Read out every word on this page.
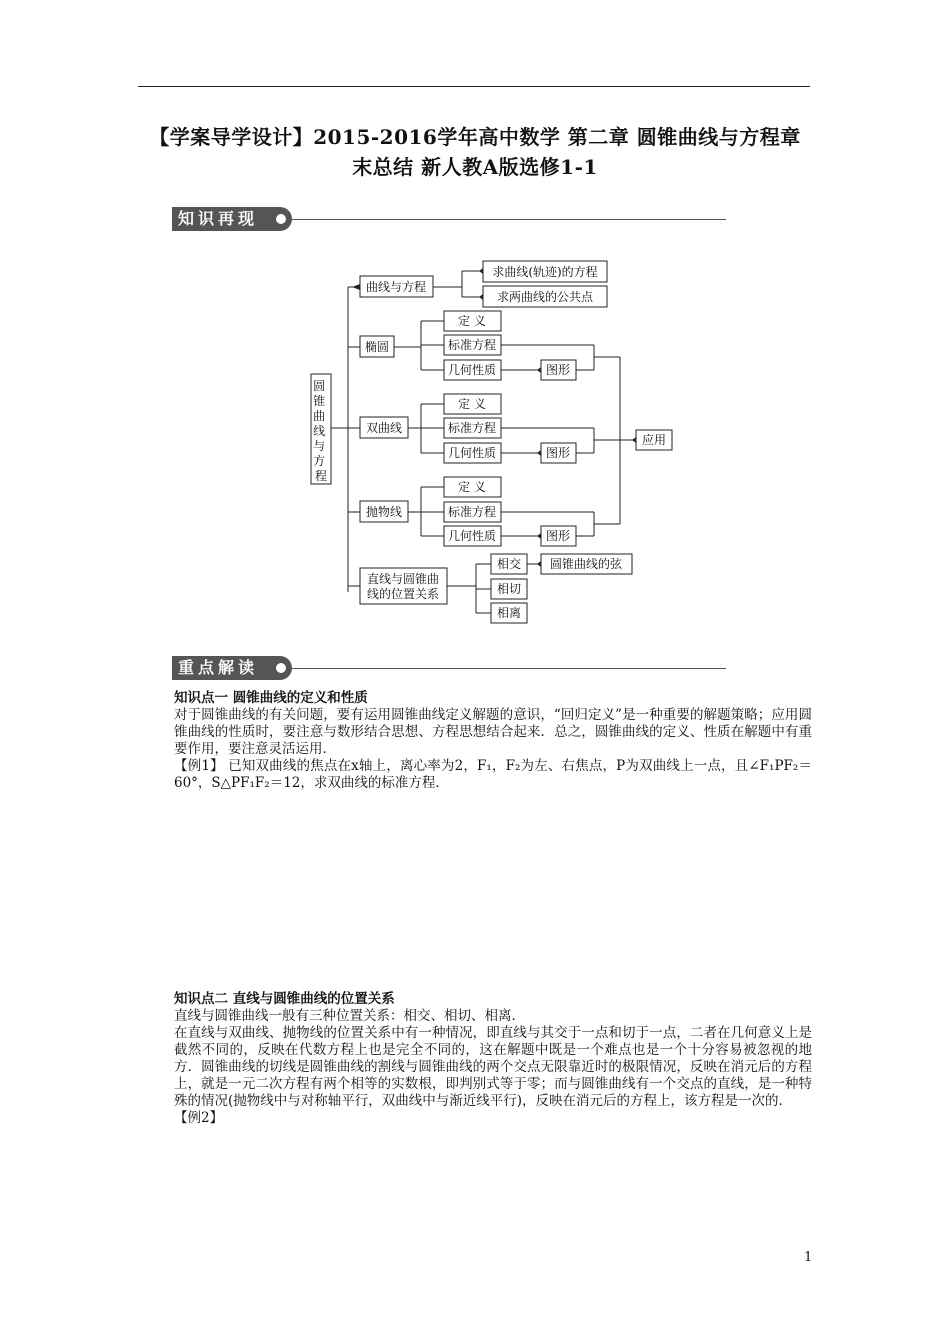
【学案导学设计】2015-2016学年高中数学 第二章 圆锥曲线与方程章
末总结 新人教A版选修1-1
知识再现
圆 锥 曲 线 与 方 程
曲线与方程
椭圆
双曲线
抛物线
直线与圆锥曲
线的位置关系
求曲线(轨迹)的方程
求两曲线的公共点
定 义
标准方程
几何性质	图形
定 义
标准方程
几何性质	图形
定 义
标准方程
几何性质	图形
应用
相交
相切
相离
圆锥曲线的弦
重点解读
知识点一 圆锥曲线的定义和性质
对于圆锥曲线的有关问题，要有运用圆锥曲线定义解题的意识，“回归定义”是一种重要的解题策略；应用圆锥曲线的性质时，要注意与数形结合思想、方程思想结合起来．总之，圆锥曲线的定义、性质在解题中有重要作用，要注意灵活运用．
【例1】 已知双曲线的焦点在x轴上，离心率为2，F₁，F₂为左、右焦点，P为双曲线上一点，且∠F₁PF₂＝60°，S△PF₁F₂＝12，求双曲线的标准方程．
知识点二 直线与圆锥曲线的位置关系
直线与圆锥曲线一般有三种位置关系：相交、相切、相离．
在直线与双曲线、抛物线的位置关系中有一种情况，即直线与其交于一点和切于一点，二者在几何意义上是截然不同的，反映在代数方程上也是完全不同的，这在解题中既是一个难点也是一个十分容易被忽视的地方．圆锥曲线的切线是圆锥曲线的割线与圆锥曲线的两个交点无限靠近时的极限情况，反映在消元后的方程上，就是一元二次方程有两个相等的实数根，即判别式等于零；而与圆锥曲线有一个交点的直线，是一种特殊的情况(抛物线中与对称轴平行，双曲线中与渐近线平行)，反映在消元后的方程上，该方程是一次的．
【例2】
1
